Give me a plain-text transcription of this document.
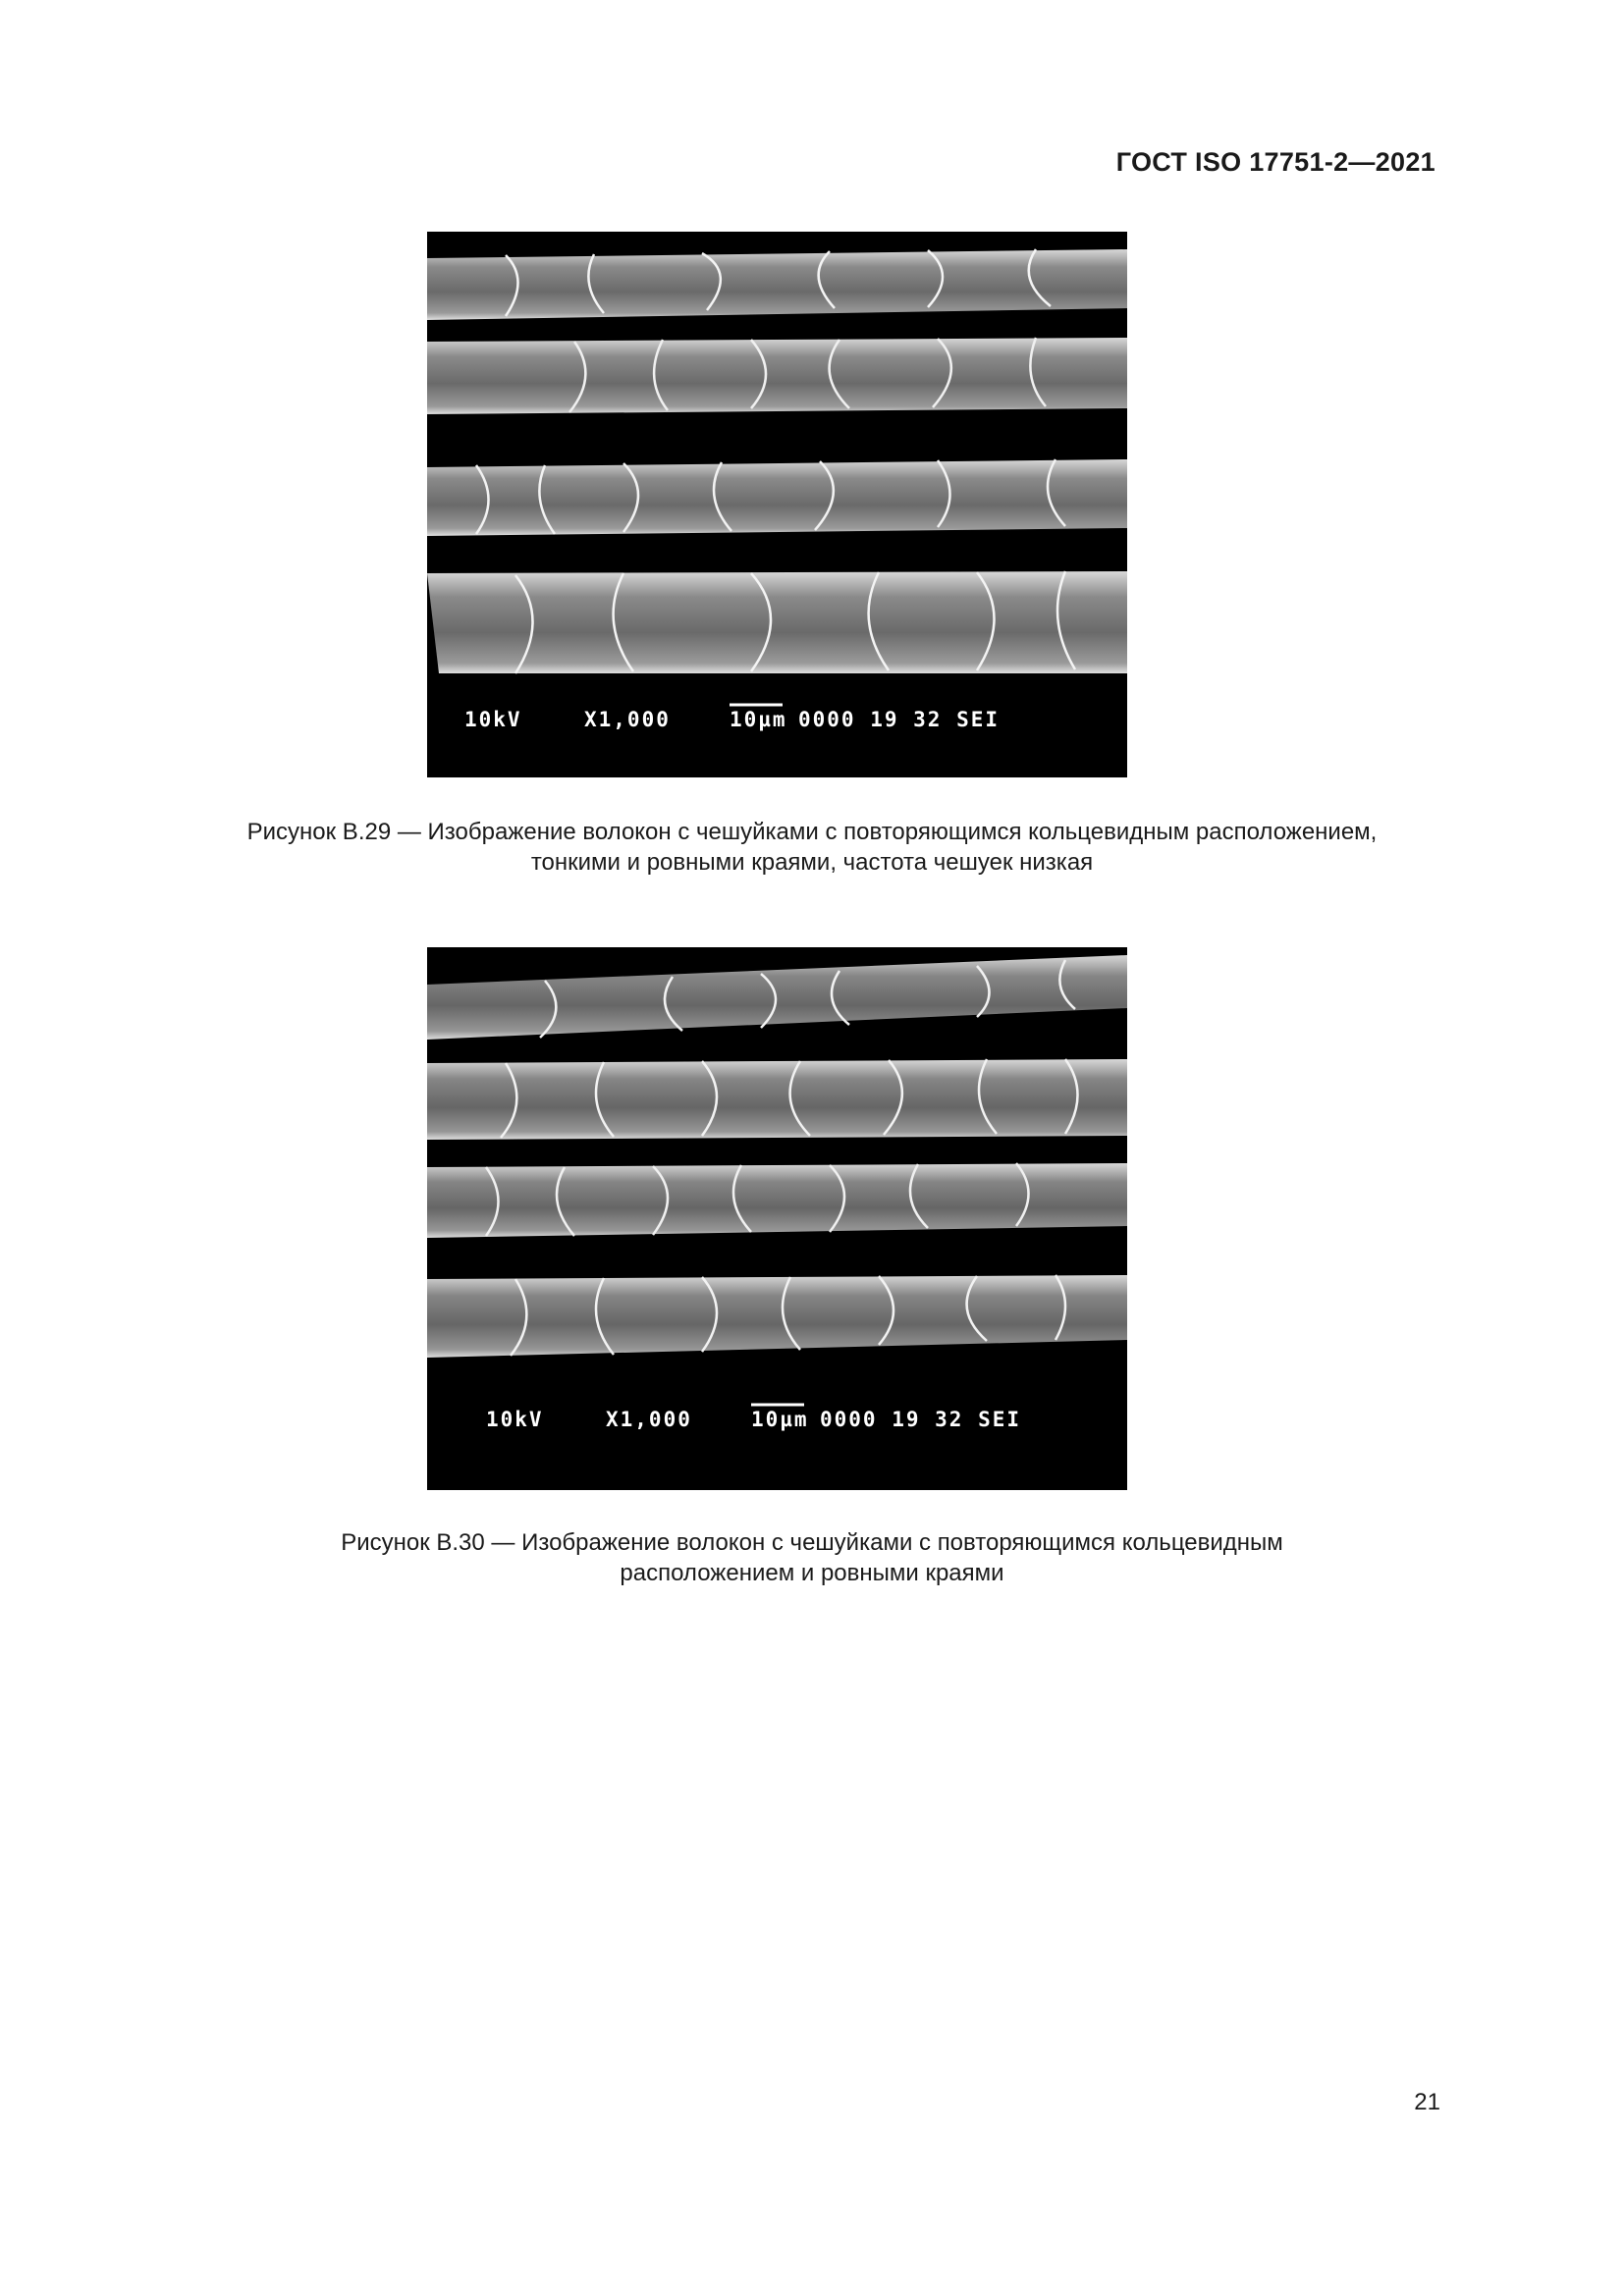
ГОСТ ISO 17751-2—2021
10kV	X1,000	10µm 0000 19 32 SEI
Рисунок В.29 — Изображение волокон с чешуйками с повторяющимся кольцевидным расположением,
тонкими и ровными краями, частота чешуек низкая
10kV	X1,000	10µm 0000 19 32 SEI
Рисунок В.30 — Изображение волокон с чешуйками с повторяющимся кольцевидным
расположением и ровными краями
21
